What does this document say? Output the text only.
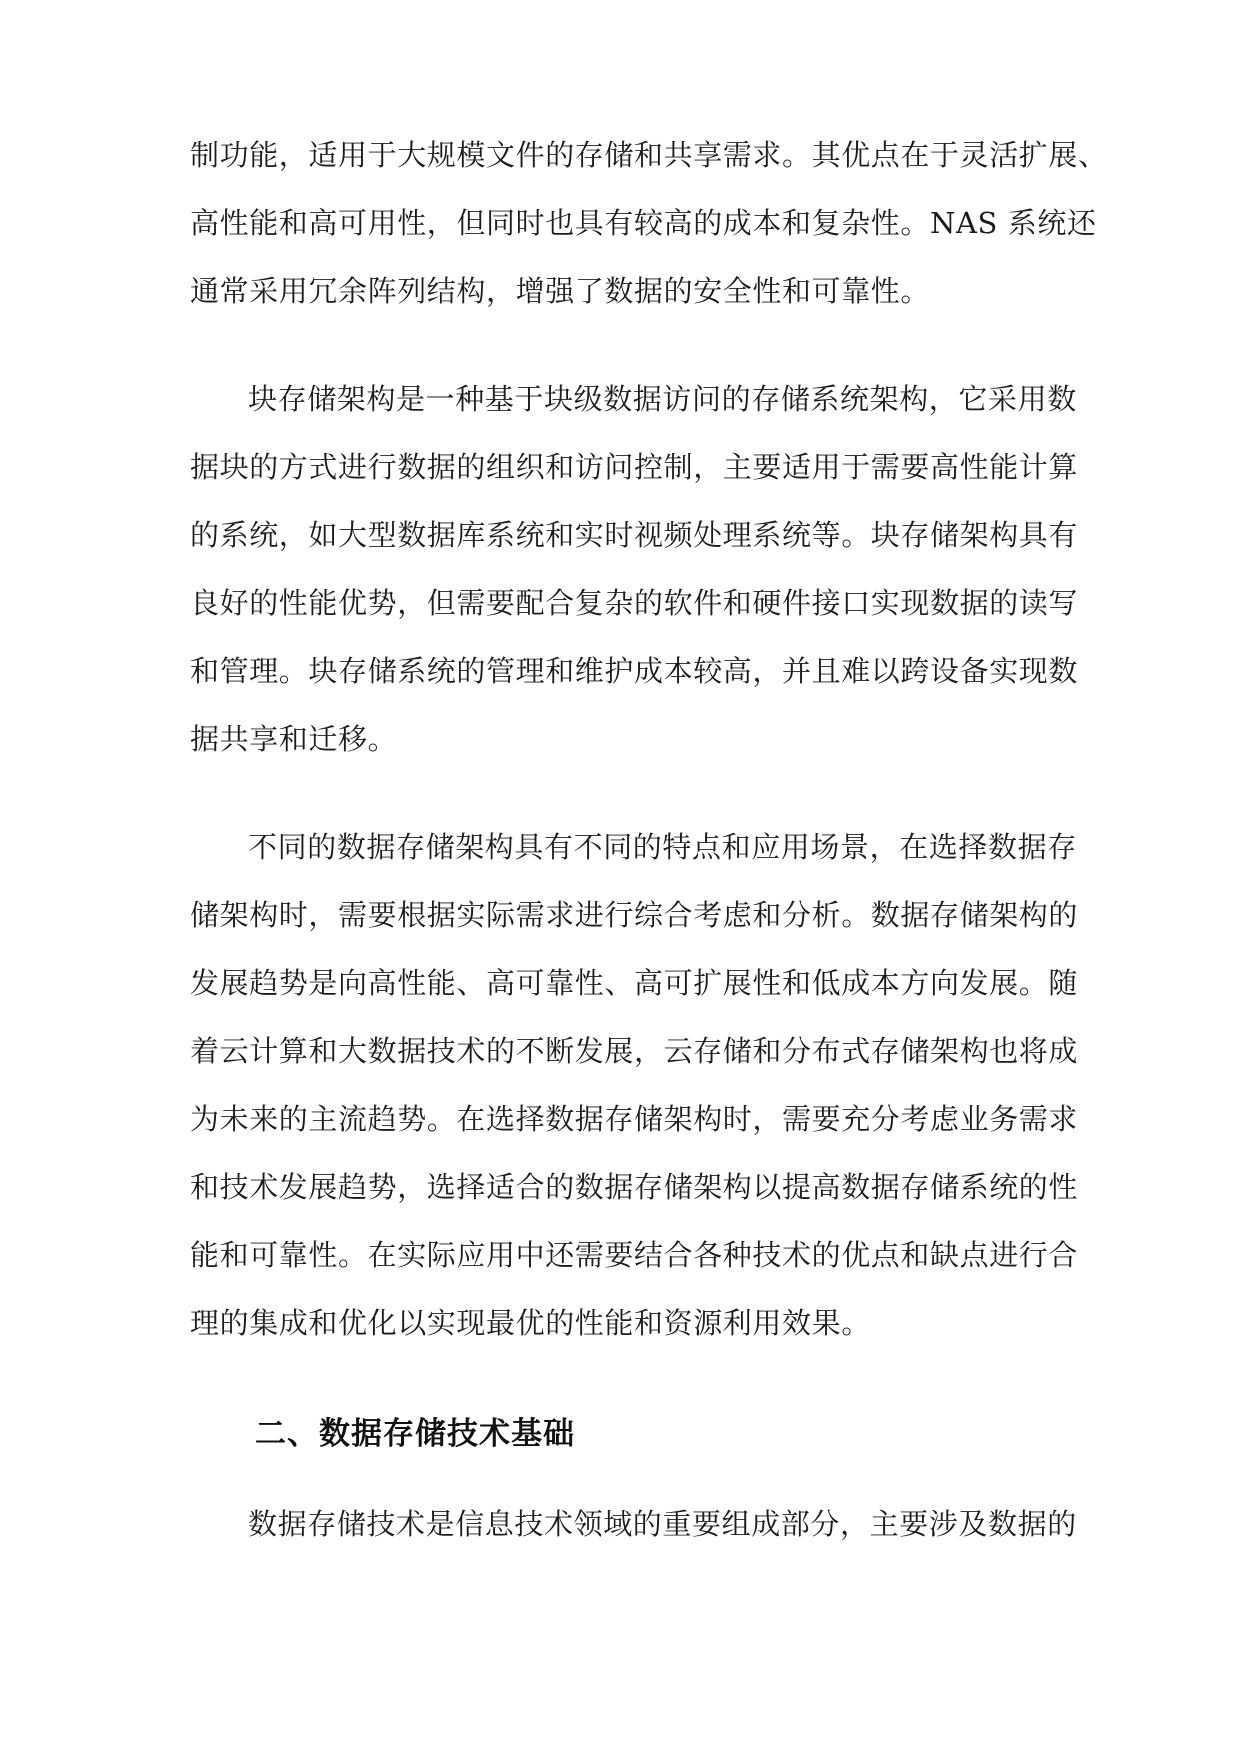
制功能，适用于大规模文件的存储和共享需求。其优点在于灵活扩展、
高性能和高可用性，但同时也具有较高的成本和复杂性。NAS 系统还
通常采用冗余阵列结构，增强了数据的安全性和可靠性。
块存储架构是一种基于块级数据访问的存储系统架构，它采用数
据块的方式进行数据的组织和访问控制，主要适用于需要高性能计算
的系统，如大型数据库系统和实时视频处理系统等。块存储架构具有
良好的性能优势，但需要配合复杂的软件和硬件接口实现数据的读写
和管理。块存储系统的管理和维护成本较高，并且难以跨设备实现数
据共享和迁移。
不同的数据存储架构具有不同的特点和应用场景，在选择数据存
储架构时，需要根据实际需求进行综合考虑和分析。数据存储架构的
发展趋势是向高性能、高可靠性、高可扩展性和低成本方向发展。随
着云计算和大数据技术的不断发展，云存储和分布式存储架构也将成
为未来的主流趋势。在选择数据存储架构时，需要充分考虑业务需求
和技术发展趋势，选择适合的数据存储架构以提高数据存储系统的性
能和可靠性。在实际应用中还需要结合各种技术的优点和缺点进行合
理的集成和优化以实现最优的性能和资源利用效果。
二、数据存储技术基础
数据存储技术是信息技术领域的重要组成部分，主要涉及数据的
